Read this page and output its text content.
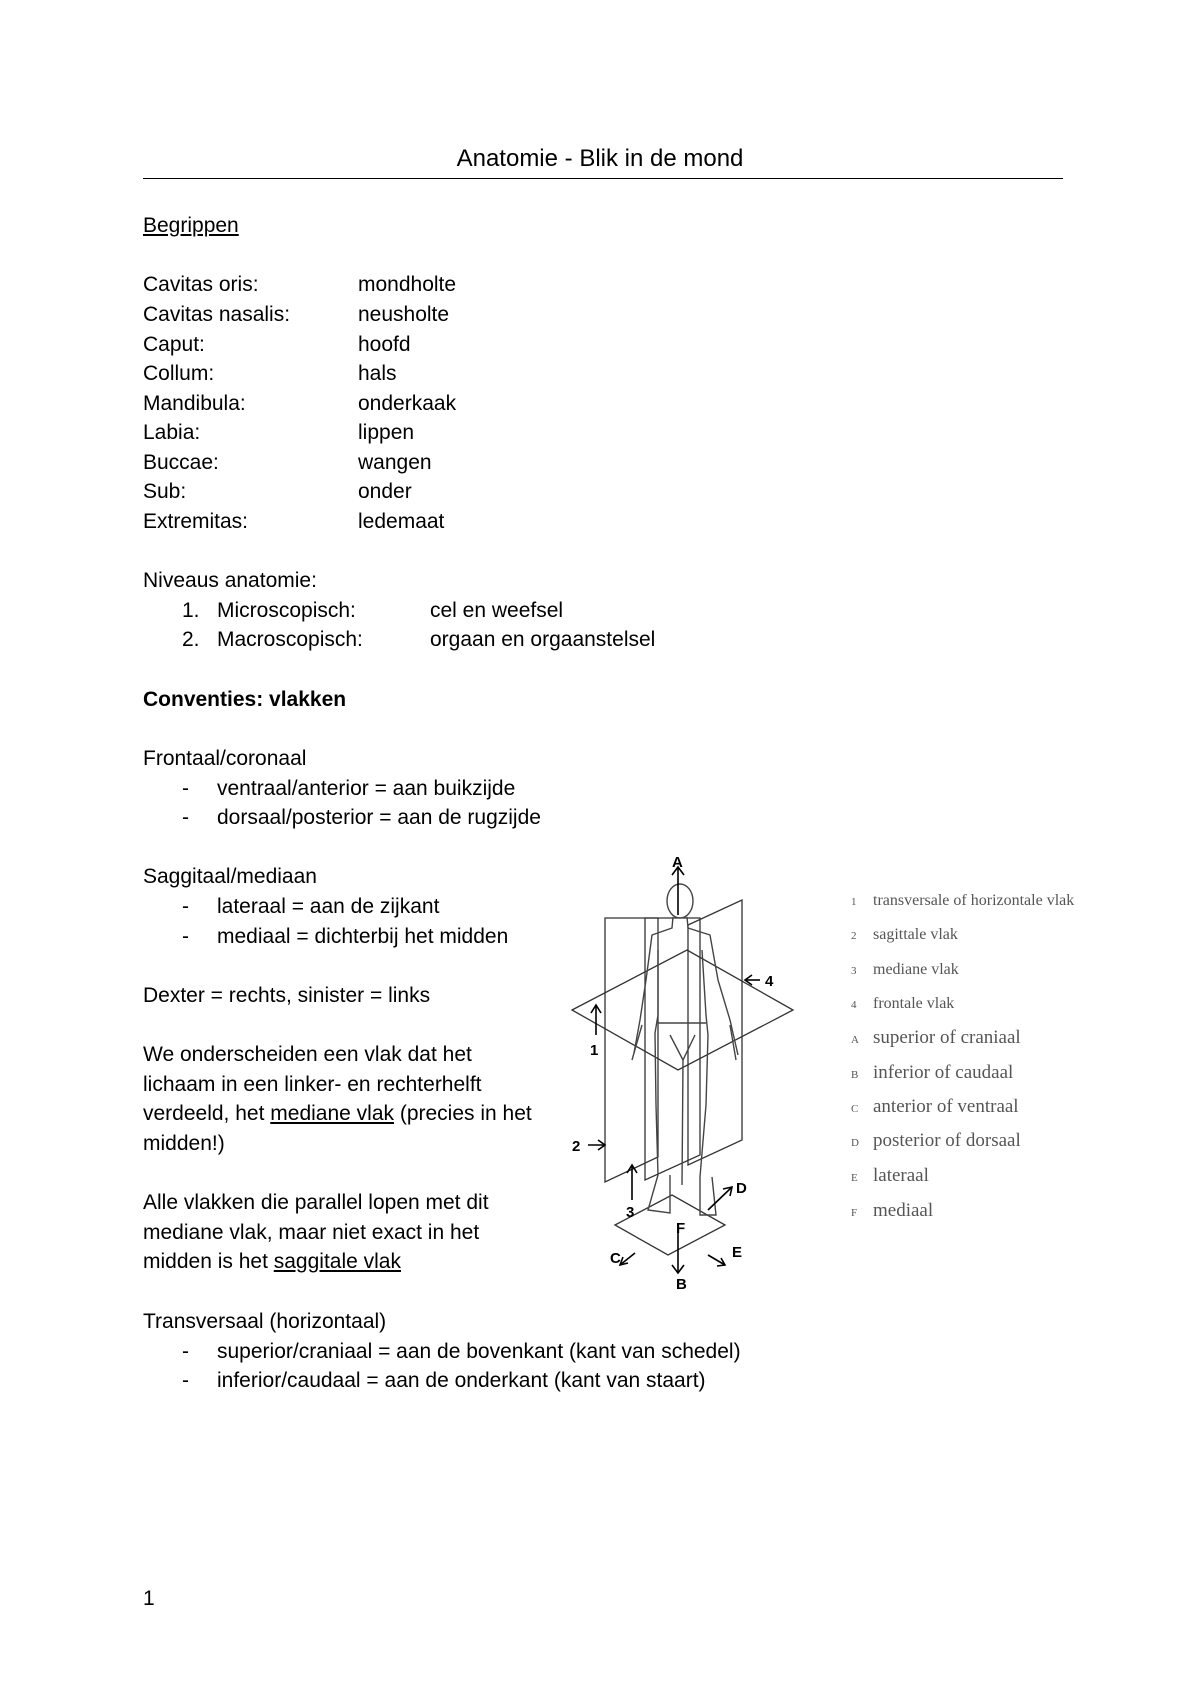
Anatomie - Blik in de mond
Begrippen
Cavitas oris:	mondholte
Cavitas nasalis:	neusholte
Caput:	hoofd
Collum:	hals
Mandibula:	onderkaak
Labia:	lippen
Buccae:	wangen
Sub:	onder
Extremitas:	ledemaat
Niveaus anatomie:
1. Microscopisch:	cel en weefsel
2. Macroscopisch:	orgaan en orgaanstelsel
Conventies: vlakken
Frontaal/coronaal
- ventraal/anterior = aan buikzijde
- dorsaal/posterior = aan de rugzijde
Saggitaal/mediaan
- lateraal = aan de zijkant
- mediaal = dichterbij het midden
Dexter = rechts, sinister = links
We onderscheiden een vlak dat het
lichaam in een linker- en rechterhelft
verdeeld, het mediane vlak (precies in het
midden!)
Alle vlakken die parallel lopen met dit
mediane vlak, maar niet exact in het
midden is het saggitale vlak
Transversaal (horizontaal)
- superior/craniaal = aan de bovenkant (kant van schedel)
- inferior/caudaal = aan de onderkant (kant van staart)
A
B
C
D
E
F
1
2
3
4
1 transversale of horizontale vlak
2 sagittale vlak
3 mediane vlak
4 frontale vlak
A superior of craniaal
B inferior of caudaal
C anterior of ventraal
D posterior of dorsaal
E lateraal
F mediaal
1
